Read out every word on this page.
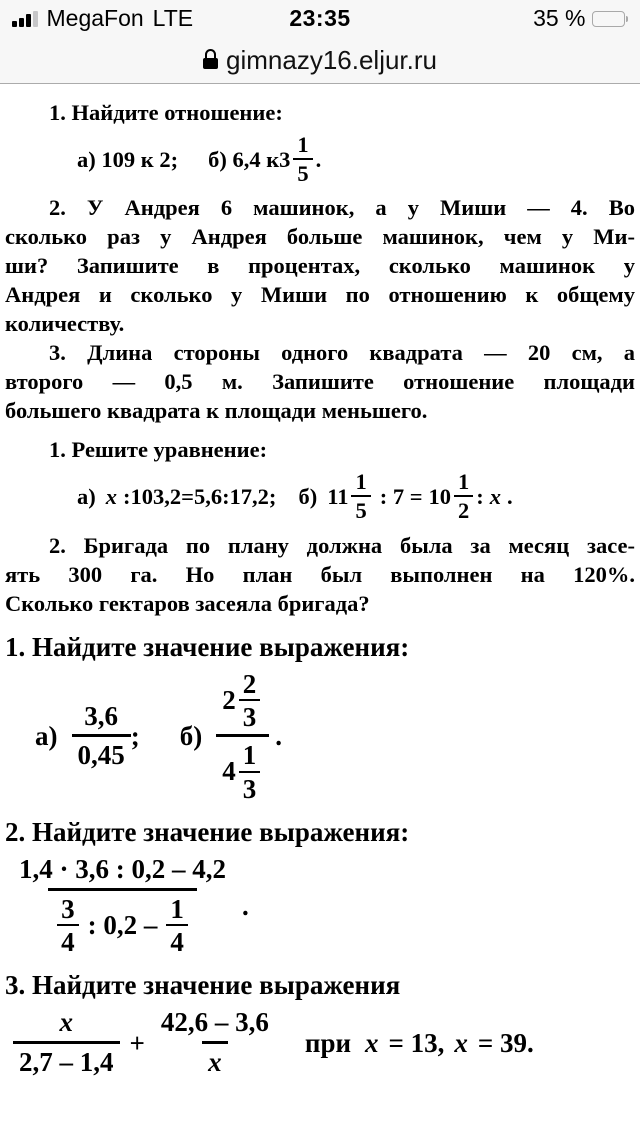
MegaFon LTE	23:35	35 %
gimnazy16.eljur.ru
1. Найдите отношение:
а) 109 к 2; б) 6,4 к $3 \frac{1}{5}$ .
2. У Андрея 6 машинок, а у Миши — 4. Во
сколько раз у Андрея больше машинок, чем у Ми-
ши? Запишите в процентах, сколько машинок у
Андрея и сколько у Миши по отношению к общему
количеству.
3. Длина стороны одного квадрата — 20 см, а
второго — 0,5 м. Запишите отношение площади
большего квадрата к площади меньшего.
1. Решите уравнение:
а) x :103,2=5,6:17,2; б) $11 \frac{1}{5}$ : $7 = 10 \frac{1}{2}$ : x .
2. Бригада по плану должна была за месяц засе-
ять 300 га. Но план был выполнен на 120%.
Сколько гектаров засеяла бригада?
1. Найдите значение выражения:
$а) \frac{3,6}{0,45}$ ; $б) \frac{2 \frac{2}{3}}{4 \frac{1}{3}}$ .
2. Найдите значение выражения:
1,4 · 3,6 : 0,2 – 4,2
$\frac{3}{4}$ : $0,2 - \frac{1}{4}$ .
3. Найдите значение выражения
$\frac{x}{2,7 - 1,4} + \frac{42,6 - 3,6}{x}$ при x = 13, x = 39.
